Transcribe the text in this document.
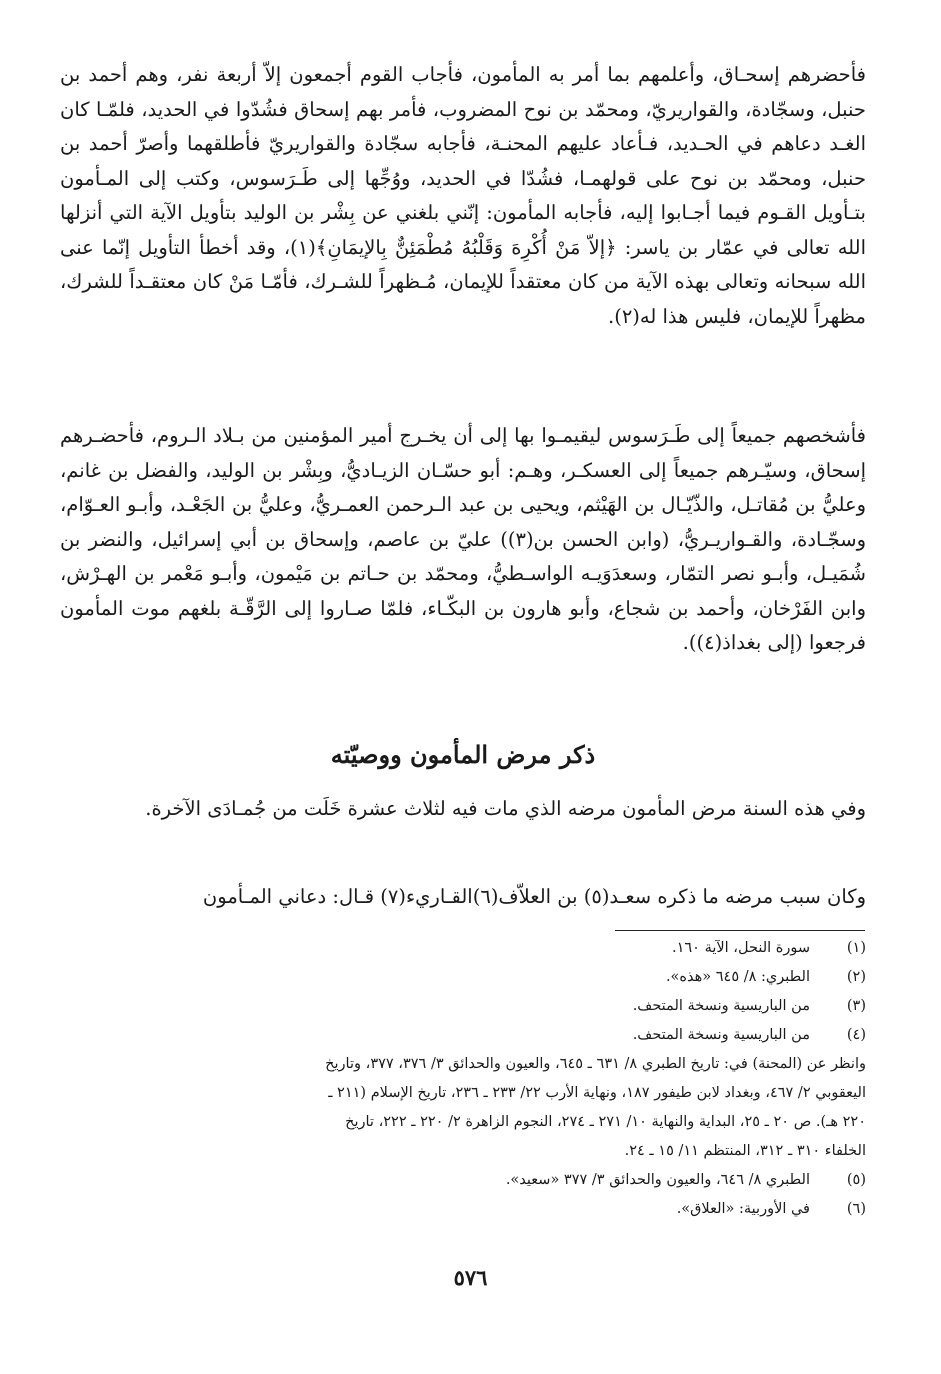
فأحضرهم إسحـاق، وأعلمهم بما أمر به المأمون، فأجاب القوم أجمعون إلاّ أربعة نفر، وهم أحمد بن حنبل، وسجّادة، والقواريريّ، ومحمّد بن نوح المضروب، فأمر بهم إسحاق فشُدّوا في الحديد، فلمّـا كان الغـد دعاهم في الحـديد، فـأعاد عليهم المحنـة، فأجابه سجّادة والقواريريّ فأطلقهما وأصرّ أحمد بن حنبل، ومحمّد بن نوح على قولهمـا، فشُدّا في الحديد، ووُجِّها إلى طَـرَسوس، وكتب إلى المـأمون بتـأويل القـوم فيما أجـابوا إليه، فأجابه المأمون: إنّني بلغني عن بِشْر بن الوليد بتأويل الآية التي أنزلها الله تعالى في عمّار بن ياسر: ﴿إلاّ مَنْ أُكْرِهَ وَقَلْبُهُ مُطْمَئِنٌّ بِالإيمَانِ﴾(١)، وقد أخطأ التأويل إنّما عنى الله سبحانه وتعالى بهذه الآية من كان معتقداً للإيمان، مُـظهراً للشـرك، فأمّـا مَنْ كان معتقـداً للشرك، مظهراً للإيمان، فليس هذا له(٢).

فأشخصهم جميعاً إلى طَـرَسوس ليقيمـوا بها إلى أن يخـرج أمير المؤمنين من بـلاد الـروم، فأحضـرهم إسحاق، وسيّـرهم جميعاً إلى العسكـر، وهـم: أبو حسّـان الزيـاديُّ، وبِشْر بن الوليد، والفضل بن غانم، وعليُّ بن مُقاتـل، والذّيّـال بن الهَيْثم، ويحيى بن عبد الـرحمن العمـريُّ، وعليُّ بن الجَعْـد، وأبـو العـوّام، وسجّـادة، والقـواريـريُّ، (وابن الحسن بن(٣)) عليّ بن عاصم، وإسحاق بن أبي إسرائيل، والنضر بن شُمَيـل، وأبـو نصر التمّار، وسعدَوَيـه الواسـطيُّ، ومحمّد بن حـاتم بن مَيْمون، وأبـو مَعْمر بن الهـرْش، وابن الفَرْخان، وأحمد بن شجاع، وأبو هارون بن البكّـاء، فلمّا صـاروا إلى الرَّقّـة بلغهم موت المأمون فرجعوا (إلى بغداذ(٤)).

ذكر مرض المأمون ووصيّته

وفي هذه السنة مرض المأمون مرضه الذي مات فيه لثلاث عشرة خَلَت من جُمـادَى الآخرة.

وكان سبب مرضه ما ذكره سعـد(٥) بن العلاّف(٦)القـاريء(٧) قـال: دعاني المـأمون

(١)
سورة النحل، الآية ١٦٠.
(٢)
الطبري: ٨/ ٦٤٥ «هذه».
(٣)
من الباريسية ونسخة المتحف.
(٤)
من الباريسية ونسخة المتحف.
وانظر عن (المحنة) في: تاريخ الطبري ٨/ ٦٣١ ـ ٦٤٥، والعيون والحدائق ٣/ ٣٧٦، ٣٧٧، وتاريخ
اليعقوبي ٢/ ٤٦٧، وبغداد لابن طيفور ١٨٧، ونهاية الأرب ٢٢/ ٢٣٣ ـ ٢٣٦، تاريخ الإسلام (٢١١ ـ
٢٢٠ هـ). ص ٢٠ ـ ٢٥، البداية والنهاية ١٠/ ٢٧١ ـ ٢٧٤، النجوم الزاهرة ٢/ ٢٢٠ ـ ٢٢٢، تاريخ
الخلفاء ٣١٠ ـ ٣١٢، المنتظم ١١/ ١٥ ـ ٢٤.
(٥)
الطبري ٨/ ٦٤٦، والعيون والحدائق ٣/ ٣٧٧ «سعيد».
(٦)
في الأوربية: «العلاق».
٥٧٦
